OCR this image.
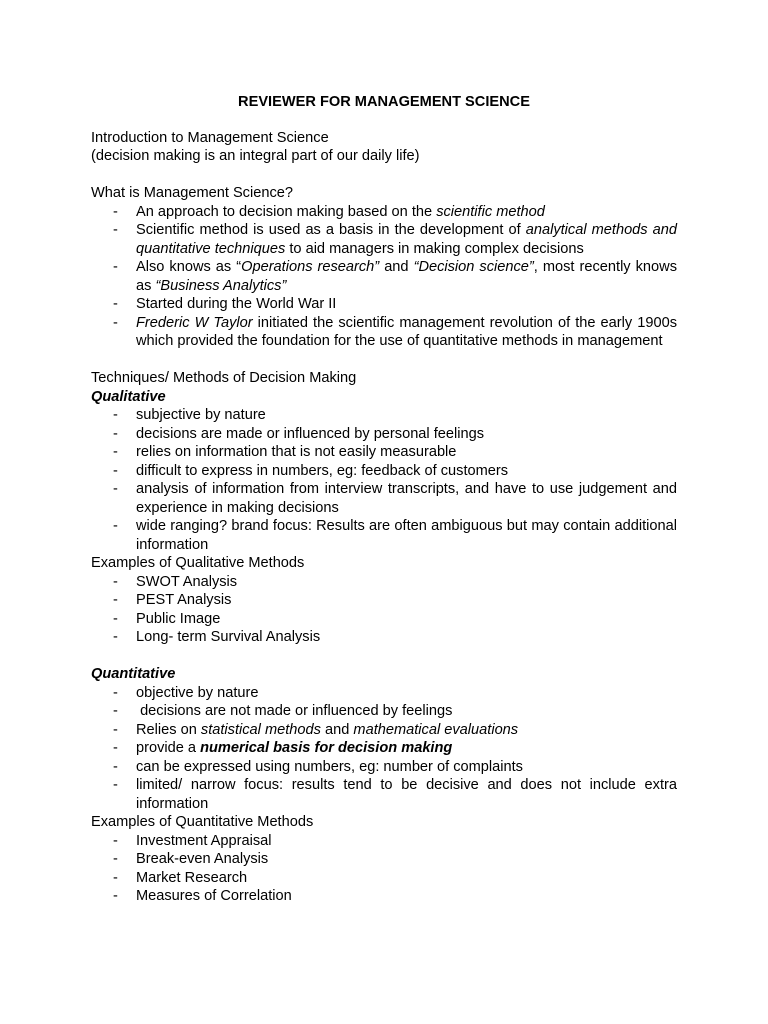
REVIEWER FOR MANAGEMENT SCIENCE
Introduction to Management Science
(decision making is an integral part of our daily life)
What is Management Science?
- An approach to decision making based on the scientific method
- Scientific method is used as a basis in the development of analytical methods and quantitative techniques to aid managers in making complex decisions
- Also knows as “Operations research” and “Decision science”, most recently knows as “Business Analytics”
- Started during the World War II
- Frederic W Taylor initiated the scientific management revolution of the early 1900s which provided the foundation for the use of quantitative methods in management
Techniques/ Methods of Decision Making
Qualitative
- subjective by nature
- decisions are made or influenced by personal feelings
- relies on information that is not easily measurable
- difficult to express in numbers, eg: feedback of customers
- analysis of information from interview transcripts, and have to use judgement and experience in making decisions
- wide ranging? brand focus: Results are often ambiguous but may contain additional information
Examples of Qualitative Methods
- SWOT Analysis
- PEST Analysis
- Public Image
- Long- term Survival Analysis
Quantitative
- objective by nature
-  decisions are not made or influenced by feelings
- Relies on statistical methods and mathematical evaluations
- provide a numerical basis for decision making
- can be expressed using numbers, eg: number of complaints
- limited/ narrow focus: results tend to be decisive and does not include extra information
Examples of Quantitative Methods
- Investment Appraisal
- Break-even Analysis
- Market Research
- Measures of Correlation
